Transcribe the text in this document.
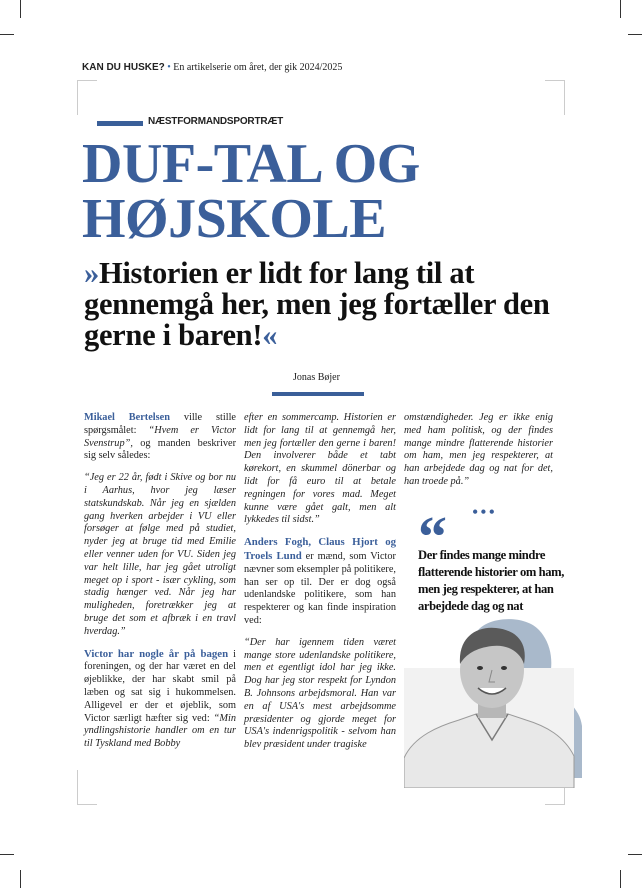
KAN DU HUSKE? • En artikelserie om året, der gik 2024/2025
NÆSTFORMANDSPORTRÆT
DUF-TAL OG
HØJSKOLE
»Historien er lidt for lang til at gennemgå her, men jeg fortæller den gerne i baren!«
Jonas Bøjer

Mikael Bertelsen ville stille spørgsmålet: “Hvem er Victor Svenstrup”, og manden beskriver sig selv således:

“Jeg er 22 år, født i Skive og bor nu i Aarhus, hvor jeg læser statskundskab. Når jeg en sjælden gang hverken arbejder i VU eller forsøger at følge med på studiet, nyder jeg at bruge tid med Emilie eller venner uden for VU. Siden jeg var helt lille, har jeg gået utroligt meget op i sport - især cykling, som stadig hænger ved. Når jeg har muligheden, foretrækker jeg at bruge det som et afbræk i en travl hverdag.”

Victor har nogle år på bagen i foreningen, og der har været en del øjeblikke, der har skabt smil på læben og sat sig i hukommelsen. Alligevel er der et øjeblik, som Victor særligt hæfter sig ved: “Min yndlingshistorie handler om en tur til Tyskland med Bobby

efter en sommercamp. Historien er lidt for lang til at gennemgå her, men jeg fortæller den gerne i baren! Den involverer både et tabt kørekort, en skummel dönerbar og lidt for få euro til at betale regningen for vores mad. Meget kunne være gået galt, men alt lykkedes til sidst.”

Anders Fogh, Claus Hjort og Troels Lund er mænd, som Victor nævner som eksempler på politikere, han ser op til. Der er dog også udenlandske politikere, som han respekterer og kan finde inspiration ved:

“Der har igennem tiden været mange store udenlandske politikere, men et egentligt idol har jeg ikke. Dog har jeg stor respekt for Lyndon B. Johnsons arbejdsmoral. Han var en af USA's mest arbejdsomme præsidenter og gjorde meget for USA's indenrigspolitik - selvom han blev præsident under tragiske

omstændigheder. Jeg er ikke enig med ham politisk, og der findes mange mindre flatterende historier om ham, men jeg respekterer, at han arbejdede dag og nat for det, han troede på.”

•••
“
Der findes mange mindre flatterende historier om ham, men jeg respekterer, at han arbejdede dag og nat
